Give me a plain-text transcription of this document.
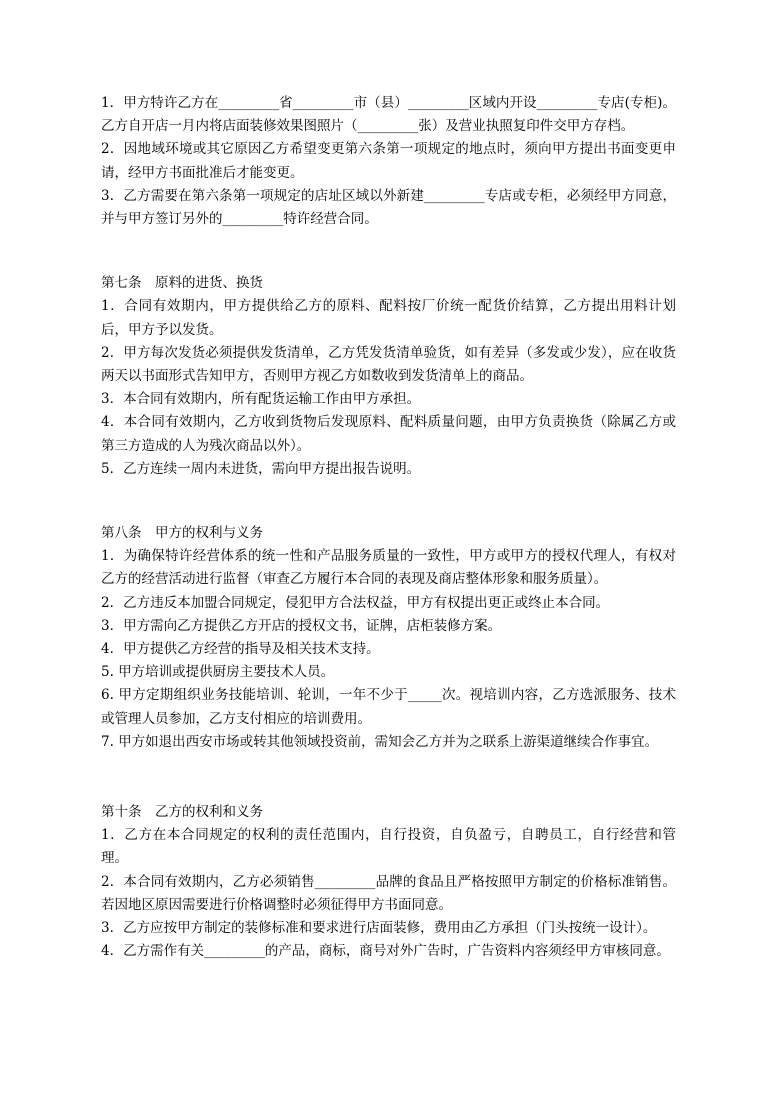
1．甲方特许乙方在_________省_________市（县）_________区域内开设_________专店(专柜)。乙方自开店一月内将店面装修效果图照片（_________张）及营业执照复印件交甲方存档。

2．因地域环境或其它原因乙方希望变更第六条第一项规定的地点时，须向甲方提出书面变更申请，经甲方书面批准后才能变更。

3．乙方需要在第六条第一项规定的店址区域以外新建_________专店或专柜，必须经甲方同意，并与甲方签订另外的_________特许经营合同。

第七条　原料的进货、换货

1．合同有效期内，甲方提供给乙方的原料、配料按厂价统一配货价结算，乙方提出用料计划后，甲方予以发货。

2．甲方每次发货必须提供发货清单，乙方凭发货清单验货，如有差异（多发或少发），应在收货两天以书面形式告知甲方，否则甲方视乙方如数收到发货清单上的商品。

3．本合同有效期内，所有配货运输工作由甲方承担。

4．本合同有效期内，乙方收到货物后发现原料、配料质量问题，由甲方负责换货（除属乙方或第三方造成的人为残次商品以外）。

5．乙方连续一周内未进货，需向甲方提出报告说明。

第八条　甲方的权利与义务

1．为确保特许经营体系的统一性和产品服务质量的一致性，甲方或甲方的授权代理人，有权对乙方的经营活动进行监督（审查乙方履行本合同的表现及商店整体形象和服务质量）。

2．乙方违反本加盟合同规定，侵犯甲方合法权益，甲方有权提出更正或终止本合同。

3．甲方需向乙方提供乙方开店的授权文书，证牌，店柜装修方案。

4．甲方提供乙方经营的指导及相关技术支持。

5. 甲方培训或提供厨房主要技术人员。

6. 甲方定期组织业务技能培训、轮训，一年不少于_____次。视培训内容，乙方选派服务、技术或管理人员参加，乙方支付相应的培训费用。

7. 甲方如退出西安市场或转其他领域投资前，需知会乙方并为之联系上游渠道继续合作事宜。

第十条　乙方的权利和义务

1．乙方在本合同规定的权利的责任范围内，自行投资，自负盈亏，自聘员工，自行经营和管理。

2．本合同有效期内，乙方必须销售_________品牌的食品且严格按照甲方制定的价格标准销售。若因地区原因需要进行价格调整时必须征得甲方书面同意。

3．乙方应按甲方制定的装修标准和要求进行店面装修，费用由乙方承担（门头按统一设计）。

4．乙方需作有关_________的产品，商标，商号对外广告时，广告资料内容须经甲方审核同意。
